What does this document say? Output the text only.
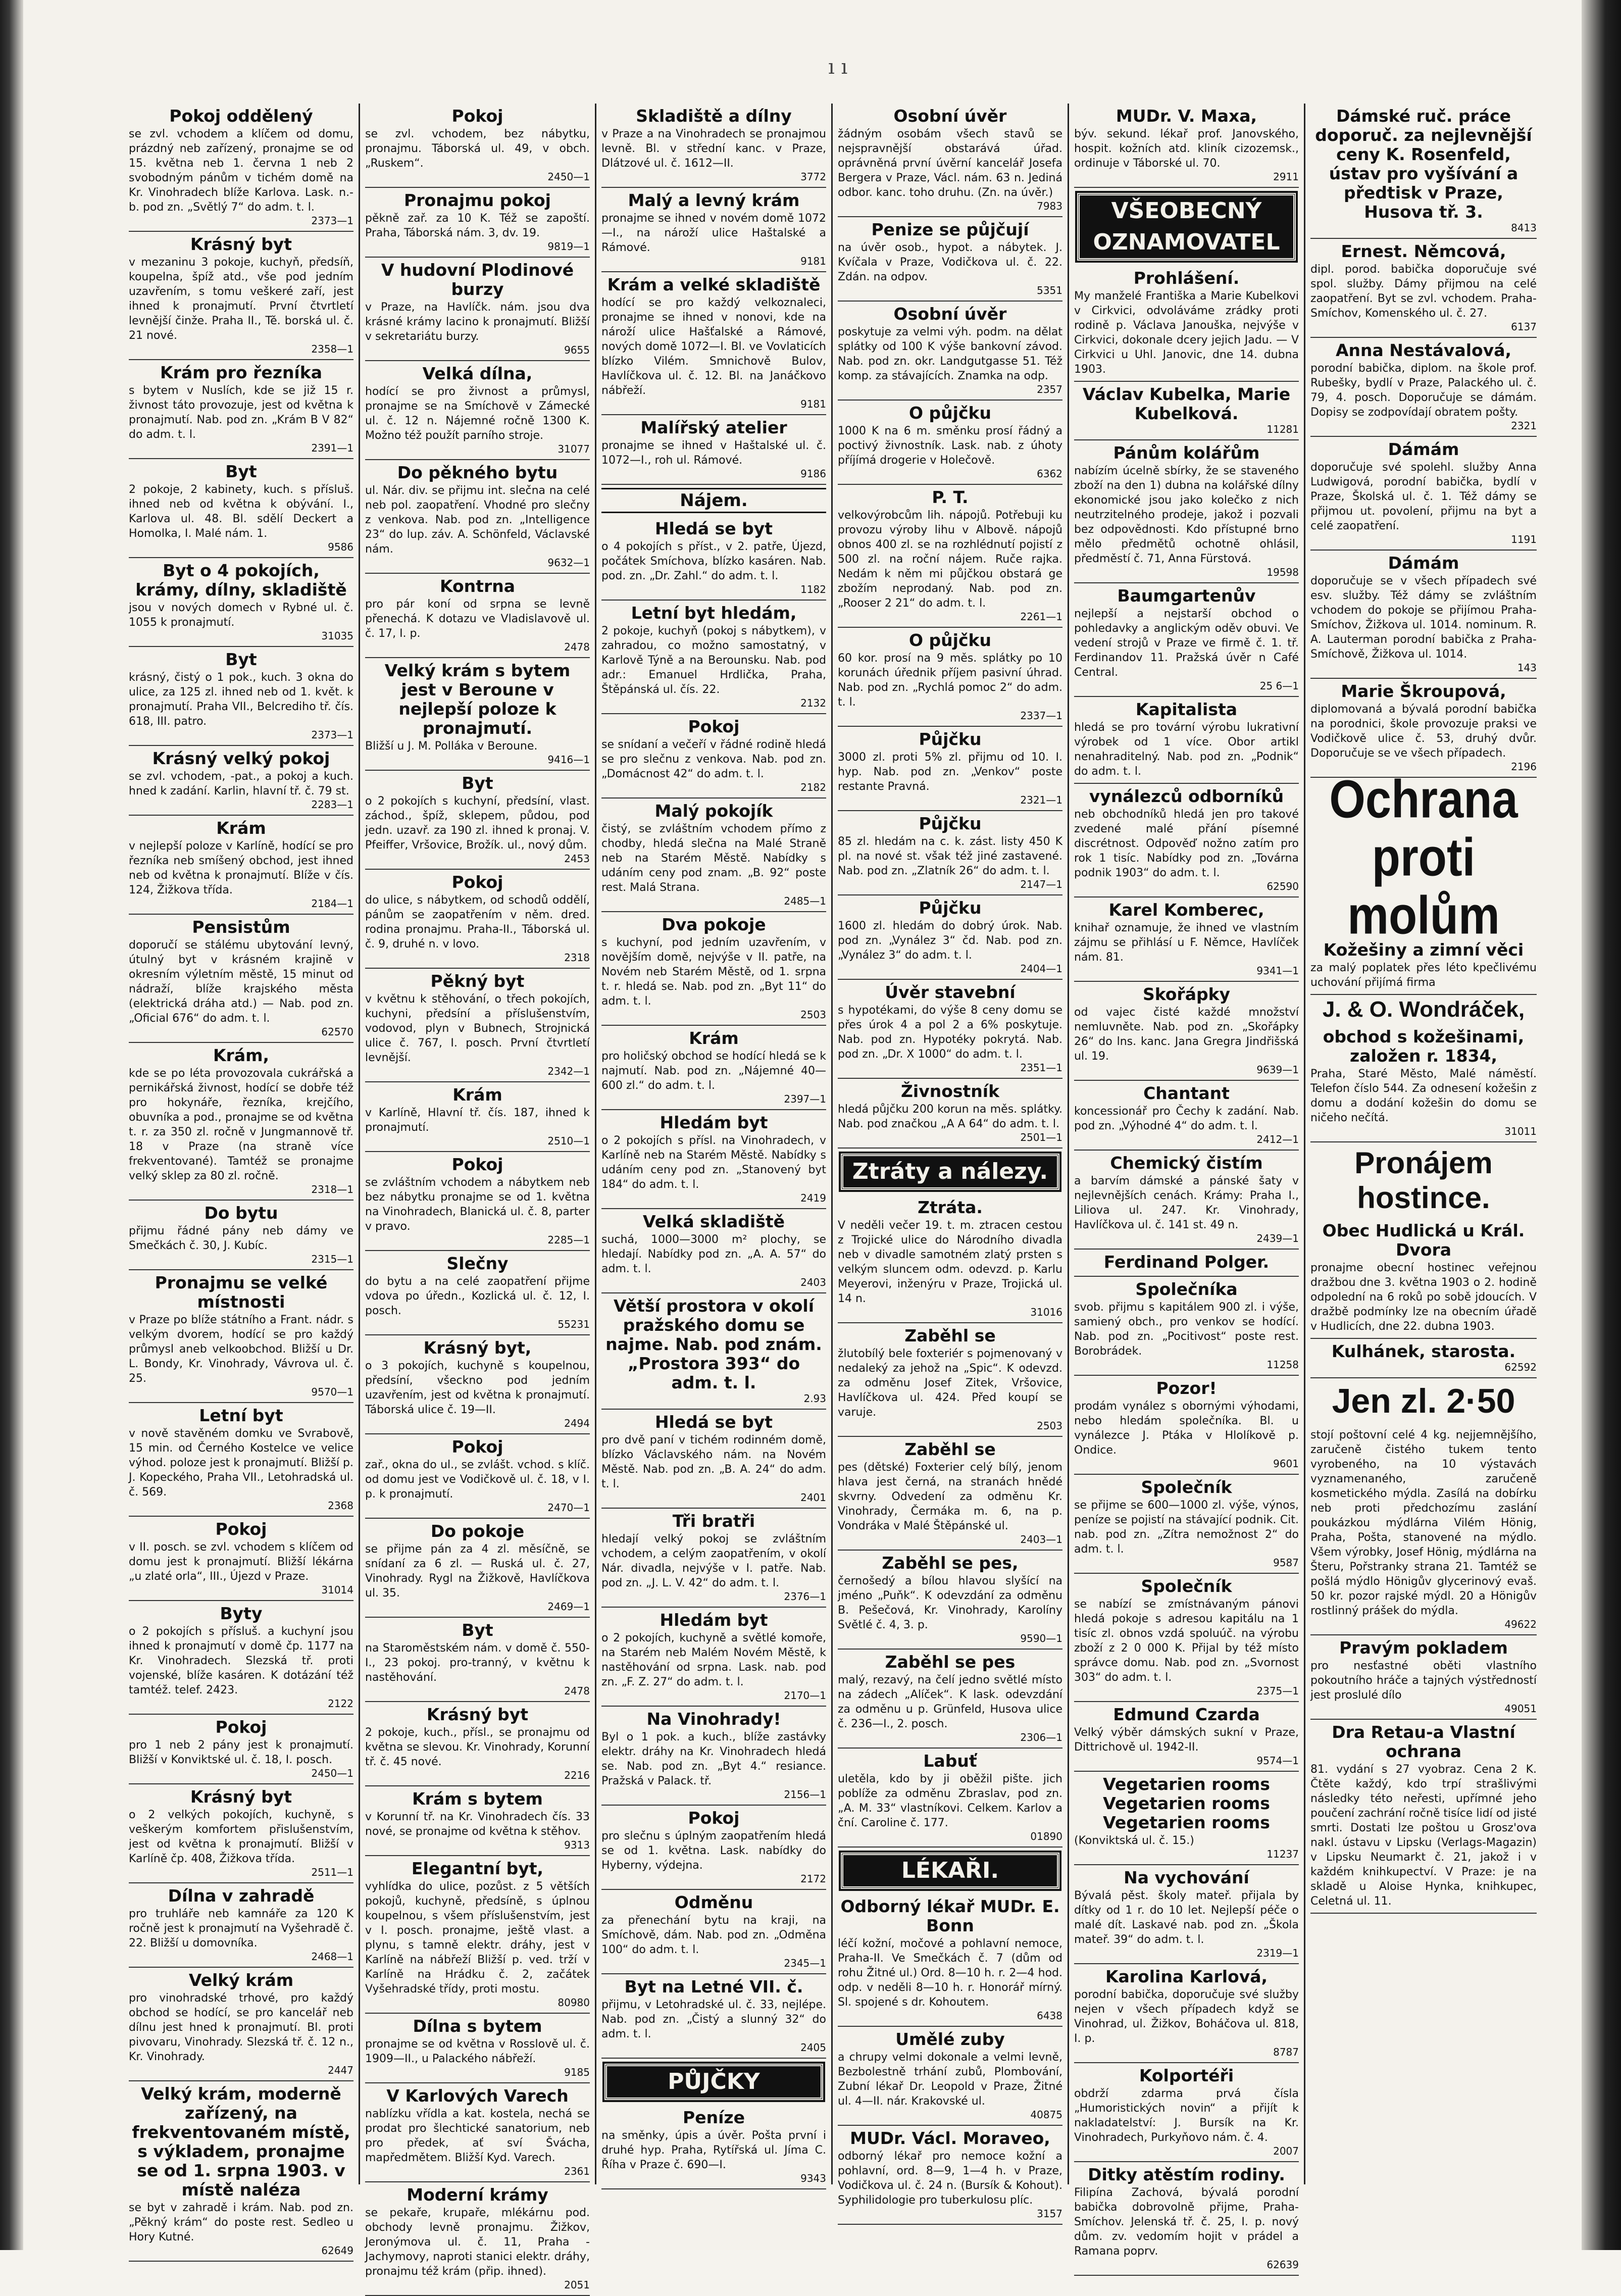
ı ı
Pokoj oddělený
se zvl. vchodem a klíčem od domu, prázdný neb zařízený, pronajme se od 15. května neb 1. června 1 neb 2 svobodným pánům v tichém domě na Kr. Vinohradech blíže Karlova. Lask. n.-b. pod zn. „Světlý 7“ do adm. t. l.
2373—1
Krásný byt
v mezaninu 3 pokoje, kuchyň, předsíň, koupelna, špíž atd., vše pod jedním uzavřením, s tomu veškeré zaří, jest ihned k pronajmutí. První čtvrtletí levnější činže. Praha II., Tě. borská ul. č. 21 nové.
2358—1
Krám pro řezníka
s bytem v Nuslích, kde se již 15 r. živnost táto provozuje, jest od května k pronajmutí. Nab. pod zn. „Krám B V 82“ do adm. t. l.
2391—1
Byt
2 pokoje, 2 kabinety, kuch. s přísluš. ihned neb od května k obývání. I., Karlova ul. 48. Bl. sdělí Deckert a Homolka, I. Malé nám. 1.
9586
Byt o 4 pokojích, krámy, dílny, skladiště
jsou v nových domech v Rybné ul. č. 1055 k pronajmutí.
31035
Byt
krásný, čistý o 1 pok., kuch. 3 okna do ulice, za 125 zl. ihned neb od 1. květ. k pronajmutí. Praha VII., Belcrediho tř. čís. 618, III. patro.
2373—1
Krásný velký pokoj
se zvl. vchodem, -pat., a pokoj a kuch. hned k zadání. Karlin, hlavní tř. č. 79 st.
2283—1
Krám
v nejlepší poloze v Karlíně, hodící se pro řezníka neb smíšený obchod, jest ihned neb od května k pronajmutí. Blíže v čís. 124, Žižkova třída.
2184—1
Pensistům
doporučí se stálému ubytování levný, útulný byt v krásném krajině v okresním výletním městě, 15 minut od nádraží, blíže krajského města (elektrická dráha atd.) — Nab. pod zn. „Oficial 676“ do adm. t. l.
62570
Krám,
kde se po léta provozovala cukrářská a pernikářská živnost, hodící se dobře též pro hokynáře, řezníka, krejčího, obuvníka a pod., pronajme se od května t. r. za 350 zl. ročně v Jungmannově tř. 18 v Praze (na straně více frekventované). Tamtéž se pronajme velký sklep za 80 zl. ročně.
2318—1
Do bytu
přijmu řádné pány neb dámy ve Smečkách č. 30, J. Kubíc.
2315—1
Pronajmu se velké místnosti
v Praze po blíže státního a Frant. nádr. s velkým dvorem, hodící se pro každý průmysl aneb velkoobchod. Bližší u Dr. L. Bondy, Kr. Vinohrady, Vávrova ul. č. 25.
9570—1
Letní byt
v nově stavěném domku ve Svrabově, 15 min. od Černého Kostelce ve velice výhod. poloze jest k pronajmutí. Bližší p. J. Kopeckého, Praha VII., Letohradská ul. č. 569.
2368
Pokoj
v II. posch. se zvl. vchodem s klíčem od domu jest k pronajmutí. Bližší lékárna „u zlaté orla“, III., Újezd v Praze.
31014
Byty
o 2 pokojích s přísluš. a kuchyní jsou ihned k pronajmutí v domě čp. 1177 na Kr. Vinohradech. Slezská tř. proti vojenské, blíže kasáren. K dotázání též tamtéž. telef. 2423.
2122
Pokoj
pro 1 neb 2 pány jest k pronajmutí. Bližší v Konviktské ul. č. 18, I. posch.
2450—1
Krásný byt
o 2 velkých pokojích, kuchyně, s veškerým komfortem přislušenstvím, jest od května k pronajmutí. Bližší v Karlíně čp. 408, Žižkova třída.
2511—1
Dílna v zahradě
pro truhláře neb kamnáře za 120 K ročně jest k pronajmutí na Vyšehradě č. 22. Bližší u domovníka.
2468—1
Velký krám
pro vinohradské trhové, pro každý obchod se hodící, se pro kancelář neb dílnu jest hned k pronajmutí. Bl. proti pivovaru, Vinohrady. Slezská tř. č. 12 n., Kr. Vinohrady.
2447
Velký krám, moderně zařízený, na frekventovaném místě, s výkladem, pronajme se od 1. srpna 1903. v místě naléza
se byt v zahradě i krám. Nab. pod zn. „Pěkný krám“ do poste rest. Sedleo u Hory Kutné.
62649
Pokoj
se zvl. vchodem, bez nábytku, pronajmu. Táborská ul. 49, v obch. „Ruskem“.
2450—1
Pronajmu pokoj
pěkně zař. za 10 K. Též se zapoští. Praha, Táborská nám. 3, dv. 19.
9819—1
V hudovní Plodinové burzy
v Praze, na Havlíčk. nám. jsou dva krásné krámy lacino k pronajmutí. Bližší v sekretariátu burzy.
9655
Velká dílna,
hodící se pro živnost a průmysl, pronajme se na Smíchově v Zámecké ul. č. 12 n. Nájemné ročně 1300 K. Možno též použít parního stroje.
31077
Do pěkného bytu
ul. Nár. div. se přijmu int. slečna na celé neb pol. zaopatření. Vhodné pro slečny z venkova. Nab. pod zn. „Intelligence 23“ do lup. záv. A. Schönfeld, Václavské nám.
9632—1
Kontrna
pro pár koní od srpna se levně přenechá. K dotazu ve Vladislavově ul. č. 17, I. p.
2478
Velký krám s bytem jest v Beroune v nejlepší poloze k pronajmutí.
Bližší u J. M. Polláka v Beroune.
9416—1
Byt
o 2 pokojích s kuchyní, předsíní, vlast. záchod., špíž, sklepem, půdou, pod jedn. uzavř. za 190 zl. ihned k pronaj. V. Pfeiffer, Vršovice, Brožík. ul., nový dům.
2453
Pokoj
do ulice, s nábytkem, od schodů oddělí, pánům se zaopatřením v něm. dred. rodina pronajmu. Praha-II., Táborská ul. č. 9, druhé n. v lovo.
2318
Pěkný byt
v květnu k stěhování, o třech pokojích, kuchyni, předsíní a příslušenstvím, vodovod, plyn v Bubnech, Strojnická ulice č. 767, I. posch. První čtvrtletí levnější.
2342—1
Krám
v Karlíně, Hlavní tř. čís. 187, ihned k pronajmutí.
2510—1
Pokoj
se zvláštním vchodem a nábytkem neb bez nábytku pronajme se od 1. května na Vinohradech, Blanická ul. č. 8, parter v pravo.
2285—1
Slečny
do bytu a na celé zaopatření přijme vdova po úředn., Kozlická ul. č. 12, I. posch.
55231
Krásný byt,
o 3 pokojích, kuchyně s koupelnou, předsíní, všeckno pod jedním uzavřením, jest od května k pronajmutí. Táborská ulice č. 19—II.
2494
Pokoj
zař., okna do ul., se zvlášt. vchod. s klíč. od domu jest ve Vodičkově ul. č. 18, v I. p. k pronajmutí.
2470—1
Do pokoje
se přijme pán za 4 zl. měsíčně, se snídaní za 6 zl. — Ruská ul. č. 27, Vinohrady. Rygl na Žižkově, Havlíčkova ul. 35.
2469—1
Byt
na Staroměstském nám. v domě č. 550-I., 23 pokoj. pro-tranný, v květnu k nastěhování.
2478
Krásný byt
2 pokoje, kuch., přísl., se pronajmu od května se slevou. Kr. Vinohrady, Korunní tř. č. 45 nové.
2216
Krám s bytem
v Korunní tř. na Kr. Vinohradech čís. 33 nové, se pronajme od května k stěhov.
9313
Elegantní byt,
vyhlídka do ulice, pozůst. z 5 větších pokojů, kuchyně, předsíně, s úplnou koupelnou, s všem příslušenstvím, jest v I. posch. pronajme, ještě vlast. a plynu, s tamně elektr. dráhy, jest v Karlíně na nábřeží Bližší p. ved. trží v Karlíně na Hrádku č. 2, začátek Vyšehradské třídy, proti mostu.
80980
Dílna s bytem
pronajme se od května v Rosslově ul. č. 1909—II., u Palackého nábřeží.
9185
V Karlových Varech
nablízku vřídla a kat. kostela, nechá se prodat pro šlechtické sanatorium, neb pro předek, ať sví Švácha, mapředmětem. Bližší Kyd. Varech.
2361
Moderní krámy
se pekaře, krupaře, mlékárnu pod. obchody levně pronajmu. Žižkov, Jeronýmova ul. č. 11, Praha - Jachymovy, naproti stanici elektr. dráhy, pronajmu též krám (přip. ihned).
2051
Skladiště a dílny
v Praze a na Vinohradech se pronajmou levně. Bl. v střední kanc. v Praze, Dlátzové ul. č. 1612—II.
3772
Malý a levný krám
pronajme se ihned v novém domě 1072—I., na nároží ulice Haštalské a Rámové.
9181
Krám a velké skladiště
hodící se pro každý velkoznaleci, pronajme se ihned v nonovi, kde na nároží ulice Hašťalské a Rámové, nových domě 1072—I. Bl. ve Vovlaticích blízko Vilém. Smnichově Bulov, Havlíčkova ul. č. 12. Bl. na Janáčkovo nábřeží.
9181
Malířský atelier
pronajme se ihned v Haštalské ul. č. 1072—I., roh ul. Rámové.
9186
Nájem.
Hledá se byt
o 4 pokojích s příst., v 2. patře, Újezd, počátek Smíchova, blízko kasáren. Nab. pod. zn. „Dr. Zahl.“ do adm. t. l.
1182
Letní byt hledám,
2 pokoje, kuchyň (pokoj s nábytkem), v zahradou, co možno samostatný, v Karlově Týně a na Berounsku. Nab. pod adr.: Emanuel Hrdlička, Praha, Štěpánská ul. čís. 22.
2132
Pokoj
se snídaní a večeří v řádné rodině hledá se pro slečnu z venkova. Nab. pod zn. „Domácnost 42“ do adm. t. l.
2182
Malý pokojík
čistý, se zvláštním vchodem přímo z chodby, hledá slečna na Malé Straně neb na Starém Městě. Nabídky s udáním ceny pod znam. „B. 92“ poste rest. Malá Strana.
2485—1
Dva pokoje
s kuchyní, pod jedním uzavřením, v novějším domě, nejvýše v II. patře, na Novém neb Starém Městě, od 1. srpna t. r. hledá se. Nab. pod zn. „Byt 11“ do adm. t. l.
2503
Krám
pro holičský obchod se hodící hledá se k najmutí. Nab. pod zn. „Nájemné 40—600 zl.“ do adm. t. l.
2397—1
Hledám byt
o 2 pokojích s přísl. na Vinohradech, v Karlíně neb na Starém Městě. Nabídky s udáním ceny pod zn. „Stanovený byt 184“ do adm. t. l.
2419
Velká skladiště
suchá, 1000—3000 m² plochy, se hledají. Nabídky pod zn. „A. A. 57“ do adm. t. l.
2403
Větší prostora v okolí pražského domu se najme. Nab. pod znám. „Prostora 393“ do adm. t. l.
2.93
Hledá se byt
pro dvě paní v tichém rodinném domě, blízko Václavského nám. na Novém Městě. Nab. pod zn. „B. A. 24“ do adm. t. l.
2401
Tři bratři
hledají velký pokoj se zvláštním vchodem, a celým zaopatřením, v okolí Nár. divadla, nejvýše v I. patře. Nab. pod zn. „J. L. V. 42“ do adm. t. l.
2376—1
Hledám byt
o 2 pokojích, kuchyně a světlé komoře, na Starém neb Malém Novém Městě, k nastěhování od srpna. Lask. nab. pod zn. „F. Z. 27“ do adm. t. l.
2170—1
Na Vinohrady!
Byl o 1 pok. a kuch., blíže zastávky elektr. dráhy na Kr. Vinohradech hledá se. Nab. pod zn. „Byt 4.“ resiance. Pražská v Palack. tř.
2156—1
Pokoj
pro slečnu s úplným zaopatřením hledá se od 1. května. Lask. nabídky do Hyberny, výdejna.
2172
Odměnu
za přenechání bytu na kraji, na Smíchově, dám. Nab. pod zn. „Odměna 100“ do adm. t. l.
2345—1
Byt na Letné VII. č.
přijmu, v Letohradské ul. č. 33, nejlépe. Nab. pod zn. „Čistý a slunný 32“ do adm. t. l.
2405
PŮJČKY
Peníze
na směnky, úpis a úvěr. Pošta první i druhé hyp. Praha, Rytířská ul. Jíma C. Říha v Praze č. 690—I.
9343
Osobní úvěr
žádným osobám všech stavů se nejspravnější obstarává úřad. oprávněná první úvěrní kancelář Josefa Bergera v Praze, Václ. nám. 63 n. Jediná odbor. kanc. toho druhu. (Zn. na úvěr.)
7983
Penize se půjčují
na úvěr osob., hypot. a nábytek. J. Kvíčala v Praze, Vodičkova ul. č. 22. Zdán. na odpov.
5351
Osobní úvěr
poskytuje za velmi výh. podm. na dělat splátky od 100 K výše bankovní závod. Nab. pod zn. okr. Landgutgasse 51. Též komp. za stávajících. Znamka na odp.
2357
O půjčku
1000 K na 6 m. směnku prosí řádný a poctivý živnostník. Lask. nab. z úhoty příjímá drogerie v Holečově.
6362
P. T.
velkovýrobcům lih. nápojů. Potřebuji ku provozu výroby lihu v Albově. nápojů obnos 400 zl. se na rozhlédnutí pojistí z 500 zl. na roční nájem. Ruče rajka. Nedám k něm mi půjčkou obstará ge zbožím neprodaný. Nab. pod zn. „Rooser 2 21“ do adm. t. l.
2261—1
O půjčku
60 kor. prosí na 9 měs. splátky po 10 korunách úřednik příjem pasivní úhrad. Nab. pod zn. „Rychlá pomoc 2“ do adm. t. l.
2337—1
Půjčku
3000 zl. proti 5% zl. přijmu od 10. I. hyp. Nab. pod zn. „Venkov“ poste restante Pravná.
2321—1
Půjčku
85 zl. hledám na c. k. zást. listy 450 K pl. na nové st. však též jiné zastavené. Nab. pod zn. „Zlatník 26“ do adm. t. l.
2147—1
Půjčku
1600 zl. hledám do dobrý úrok. Nab. pod zn. „Vynález 3“ čd. Nab. pod zn. „Vynález 3“ do adm. t. l.
2404—1
Úvěr stavební
s hypotékami, do výše 8 ceny domu se přes úrok 4 a pol 2 a 6% poskytuje. Nab. pod zn. Hypotéky pokrytá. Nab. pod zn. „Dr. X 1000“ do adm. t. l.
2351—1
Živnostník
hledá půjčku 200 korun na měs. splátky. Nab. pod značkou „A A 64“ do adm. t. l.
2501—1
Ztráty a nálezy.
Ztráta.
V neděli večer 19. t. m. ztracen cestou z Trojické ulice do Národního divadla neb v divadle samotném zlatý prsten s velkým sluncem odm. odevzd. p. Karlu Meyerovi, inženýru v Praze, Trojická ul. 14 n.
31016
Zaběhl se
žlutobílý bele foxteriér s pojmenovaný v nedaleký za jehož na „Spic“. K odevzd. za odměnu Josef Zitek, Vršovice, Havlíčkova ul. 424. Před koupí se varuje.
2503
Zaběhl se
pes (dětské) Foxterier celý bílý, jenom hlava jest černá, na stranách hnědé skvrny. Odvedení za odměnu Kr. Vinohrady, Čermáka m. 6, na p. Vondráka v Malé Štěpánské ul.
2403—1
Zaběhl se pes,
černošedý a bílou hlavou slyšící na jméno „Puňk“. K odevzdání za odměnu B. Pešečová, Kr. Vinohrady, Karolíny Světlé č. 4, 3. p.
9590—1
Zaběhl se pes
malý, rezavý, na čelí jedno světlé místo na zádech „Alíček“. K lask. odevzdání za odměnu u p. Grünfeld, Husova ulice č. 236—I., 2. posch.
2306—1
Labuť
uletěla, kdo by ji oběžil pište. jich poblíže za odměnu Zbraslav, pod zn. „A. M. 33“ vlastníkovi. Celkem. Karlov a ční. Caroline č. 177.
01890
LÉKAŘI.
Odborný lékař MUDr. E. Bonn
léčí kožní, močové a pohlavní nemoce, Praha-II. Ve Smečkách č. 7 (dům od rohu Žitné ul.) Ord. 8—10 h. r. 2—4 hod. odp. v neděli 8—10 h. r. Honorář mírný. Sl. spojené s dr. Kohoutem.
6438
Umělé zuby
a chrupy velmi dokonale a velmi levně, Bezbolestně trhání zubů, Plombování, Zubní lékař Dr. Leopold v Praze, Žitné ul. 4—II. nár. Krakovské ul.
40875
MUDr. Václ. Moraveo,
odborný lékař pro nemoce kožní a pohlavní, ord. 8—9, 1—4 h. v Praze, Vodičkova ul. č. 24 n. (Bursík & Kohout). Syphilidologie pro tuberkulosu plíc.
3157
MUDr. V. Maxa,
býv. sekund. lékař prof. Janovského, hospit. kožních atd. kliník cizozemsk., ordinuje v Táborské ul. 70.
2911
VŠEOBECNÝ OZNAMOVATEL
Prohlášení.
My manželé Františka a Marie Kubelkovi v Cirkvici, odvoláváme zrádky proti rodině p. Václava Janouška, nejvýše v Cirkvici, dokonale dcery jejich Jadu. — V Cirkvici u Uhl. Janovic, dne 14. dubna 1903.
Václav Kubelka, Marie Kubelková.
11281
Pánům kolářům
nabízím úcelně sbírky, že se staveného zboží na den 1) dubna na kolářské dílny ekonomické jsou jako kolečko z nich neutrzitelného prodeje, jakož i pozvali bez odpovědnosti. Kdo přístupné brno mělo předmětů ochotně ohlásil, předměstí č. 71, Anna Fürstová.
19598
Baumgartenův
nejlepší a nejstarší obchod o pohledavky a anglickým oděv obuvi. Ve vedení strojů v Praze ve firmě č. 1. tř. Ferdinandov 11. Pražská úvěr n Café Central.
25 6—1
Kapitalista
hledá se pro tovární výrobu lukrativní výrobek od 1 více. Obor artikl nenahraditelný. Nab. pod zn. „Podnik“ do adm. t. l.
vynálezců odborníků
neb obchodníků hledá jen pro takové zvedené malé přání písemné discrétnost. Odpověď nožno zatím pro rok 1 tisíc. Nabídky pod zn. „Továrna podnik 1903“ do adm. t. l.
62590
Karel Komberec,
knihař oznamuje, že ihned ve vlastním zájmu se přihlásí u F. Němce, Havlíček nám. 81.
9341—1
Skořápky
od vajec čisté každé množství nemluvněte. Nab. pod zn. „Skořápky 26“ do lns. kanc. Jana Gregra Jindřišská ul. 19.
9639—1
Chantant
koncessionář pro Čechy k zadání. Nab. pod zn. „Výhodné 4“ do adm. t. l.
2412—1
Chemický čistím
a barvím dámské a pánské šaty v nejlevnějších cenách. Krámy: Praha I., Liliova ul. 247. Kr. Vinohrady, Havlíčkova ul. č. 141 st. 49 n.
2439—1
Ferdinand Polger.
Společníka
svob. přijmu s kapitálem 900 zl. i výše, samiený obch., pro venkov se hodící. Nab. pod zn. „Pocitivost“ poste rest. Borobrádek.
11258
Pozor!
prodám vynález s obornými výhodami, nebo hledám společníka. Bl. u vynálezce J. Ptáka v Hlolíkově p. Ondice.
9601
Společník
se přijme se 600—1000 zl. výše, výnos, peníze se pojistí na stávající podnik. Cit. nab. pod zn. „Zítra nemožnost 2“ do adm. t. l.
9587
Společník
se nabízí se zmístnávaným pánovi hledá pokoje s adresou kapitálu na 1 tisíc zl. obnos vzdá spoluúč. na výrobu zboží z 2 0 000 K. Přijal by též místo správce domu. Nab. pod zn. „Svornost 303“ do adm. t. l.
2375—1
Edmund Czarda
Velký výběr dámských sukní v Praze, Dittrichově ul. 1942-II.
9574—1
Vegetarien rooms Vegetarien rooms Vegetarien rooms
(Konviktská ul. č. 15.)
11237
Na vychování
Bývalá pěst. školy mateř. přijala by dítky od 1 r. do 10 let. Nejlepší péče o malé dít. Laskavé nab. pod zn. „Škola mateř. 39“ do adm. t. l.
2319—1
Karolina Karlová,
porodní babička, doporučuje své služby nejen v všech případech když se Vinohrad, ul. Žižkov, Boháčova ul. 818, I. p.
8787
Kolportéři
obdrží zdarma prvá čísla „Humoristických novin“ a přijít k nakladatelství: J. Bursík na Kr. Vinohradech, Purkyňovo nám. č. 4.
2007
Ditky atěstím rodiny.
Filipína Zachová, bývalá porodní babička dobrovolně přijme, Praha-Smíchov. Jelenská tř. č. 25, I. p. nový dům. zv. vedomím hojit v prádel a Ramana poprv.
62639
Dámské ruč. práce doporuč. za nejlevnější ceny K. Rosenfeld, ústav pro vyšívání a předtisk v Praze, Husova tř. 3.
8413
Ernest. Němcová,
dipl. porod. babička doporučuje své spol. služby. Dámy přijmou na celé zaopatření. Byt se zvl. vchodem. Praha-Smíchov, Komenského ul. č. 27.
6137
Anna Nestávalová,
porodní babička, diplom. na škole prof. Rubešky, bydlí v Praze, Palackého ul. č. 79, 4. posch. Doporučuje se dámám. Dopisy se zodpovídají obratem pošty.
2321
Dámám
doporučuje své spolehl. služby Anna Ludwigová, porodní babička, bydlí v Praze, Školská ul. č. 1. Též dámy se přijmou ut. povolení, přijmu na byt a celé zaopatření.
1191
Dámám
doporučuje se v všech případech své esv. služby. Též dámy se zvláštním vchodem do pokoje se přijímou Praha-Smíchov, Žižkova ul. 1014. nominum. R. A. Lauterman porodní babička z Praha-Smíchově, Žižkova ul. 1014.
143
Marie Škroupová,
diplomovaná a bývalá porodní babička na porodnici, škole provozuje praksi ve Vodičkově ulice č. 53, druhý dvůr. Doporučuje se ve všech případech.
2196
Ochrana proti molům
Kožešiny a zimní věci
za malý poplatek přes léto kpečlivému uchování přijímá firma
J. & O. Wondráček,
obchod s kožešinami, založen r. 1834,
Praha, Staré Město, Malé náměstí. Telefon číslo 544. Za odnesení kožešin z domu a dodání kožešin do domu se ničeho nečítá.
31011
Pronájem hostince.
Obec Hudlická u Král. Dvora
pronajme obecní hostinec veřejnou dražbou dne 3. května 1903 o 2. hodině odpolední na 6 roků po sobě jdoucích. V dražbě podmínky lze na obecním úřadě v Hudlicích, dne 22. dubna 1903.
Kulhánek, starosta.
62592
Jen zl. 2·50
stojí poštovní celé 4 kg. nejjemnějšího, zaručeně čistého tukem tento vyrobeného, na 10 výstavách vyznamenaného, zaručeně kosmetického mýdla. Zasílá na dobírku neb proti předchozímu zaslání poukázkou mýdlárna Vilém Hönig, Praha, Pošta, stanovené na mýdlo. Všem výrobky, Josef Hönig, mýdlárna na Šteru, Pořstranky strana 21. Tamtéž se pošlá mýdlo Hönigův glycerinový evaš. 50 kr. pozor rajské mýdl. 20 a Hönigův rostlinný prášek do mýdla.
49622
Pravým pokladem
pro nesťastné oběti vlastního pokoutního hráče a tajných výstředností jest proslulé dílo
49051
Dra Retau-a Vlastní ochrana
81. vydání s 27 vyobraz. Cena 2 K. Čtěte každý, kdo trpí strašlivými následky této neřesti, upřímné jeho poučení zachrání ročně tisíce lidí od jisté smrti. Dostati lze poštou u Grosz'ova nakl. ústavu v Lipsku (Verlags-Magazin) v Lipsku Neumarkt č. 21, jakož i v každém knihkupectví. V Praze: je na skladě u Aloise Hynka, knihkupec, Celetná ul. 11.
